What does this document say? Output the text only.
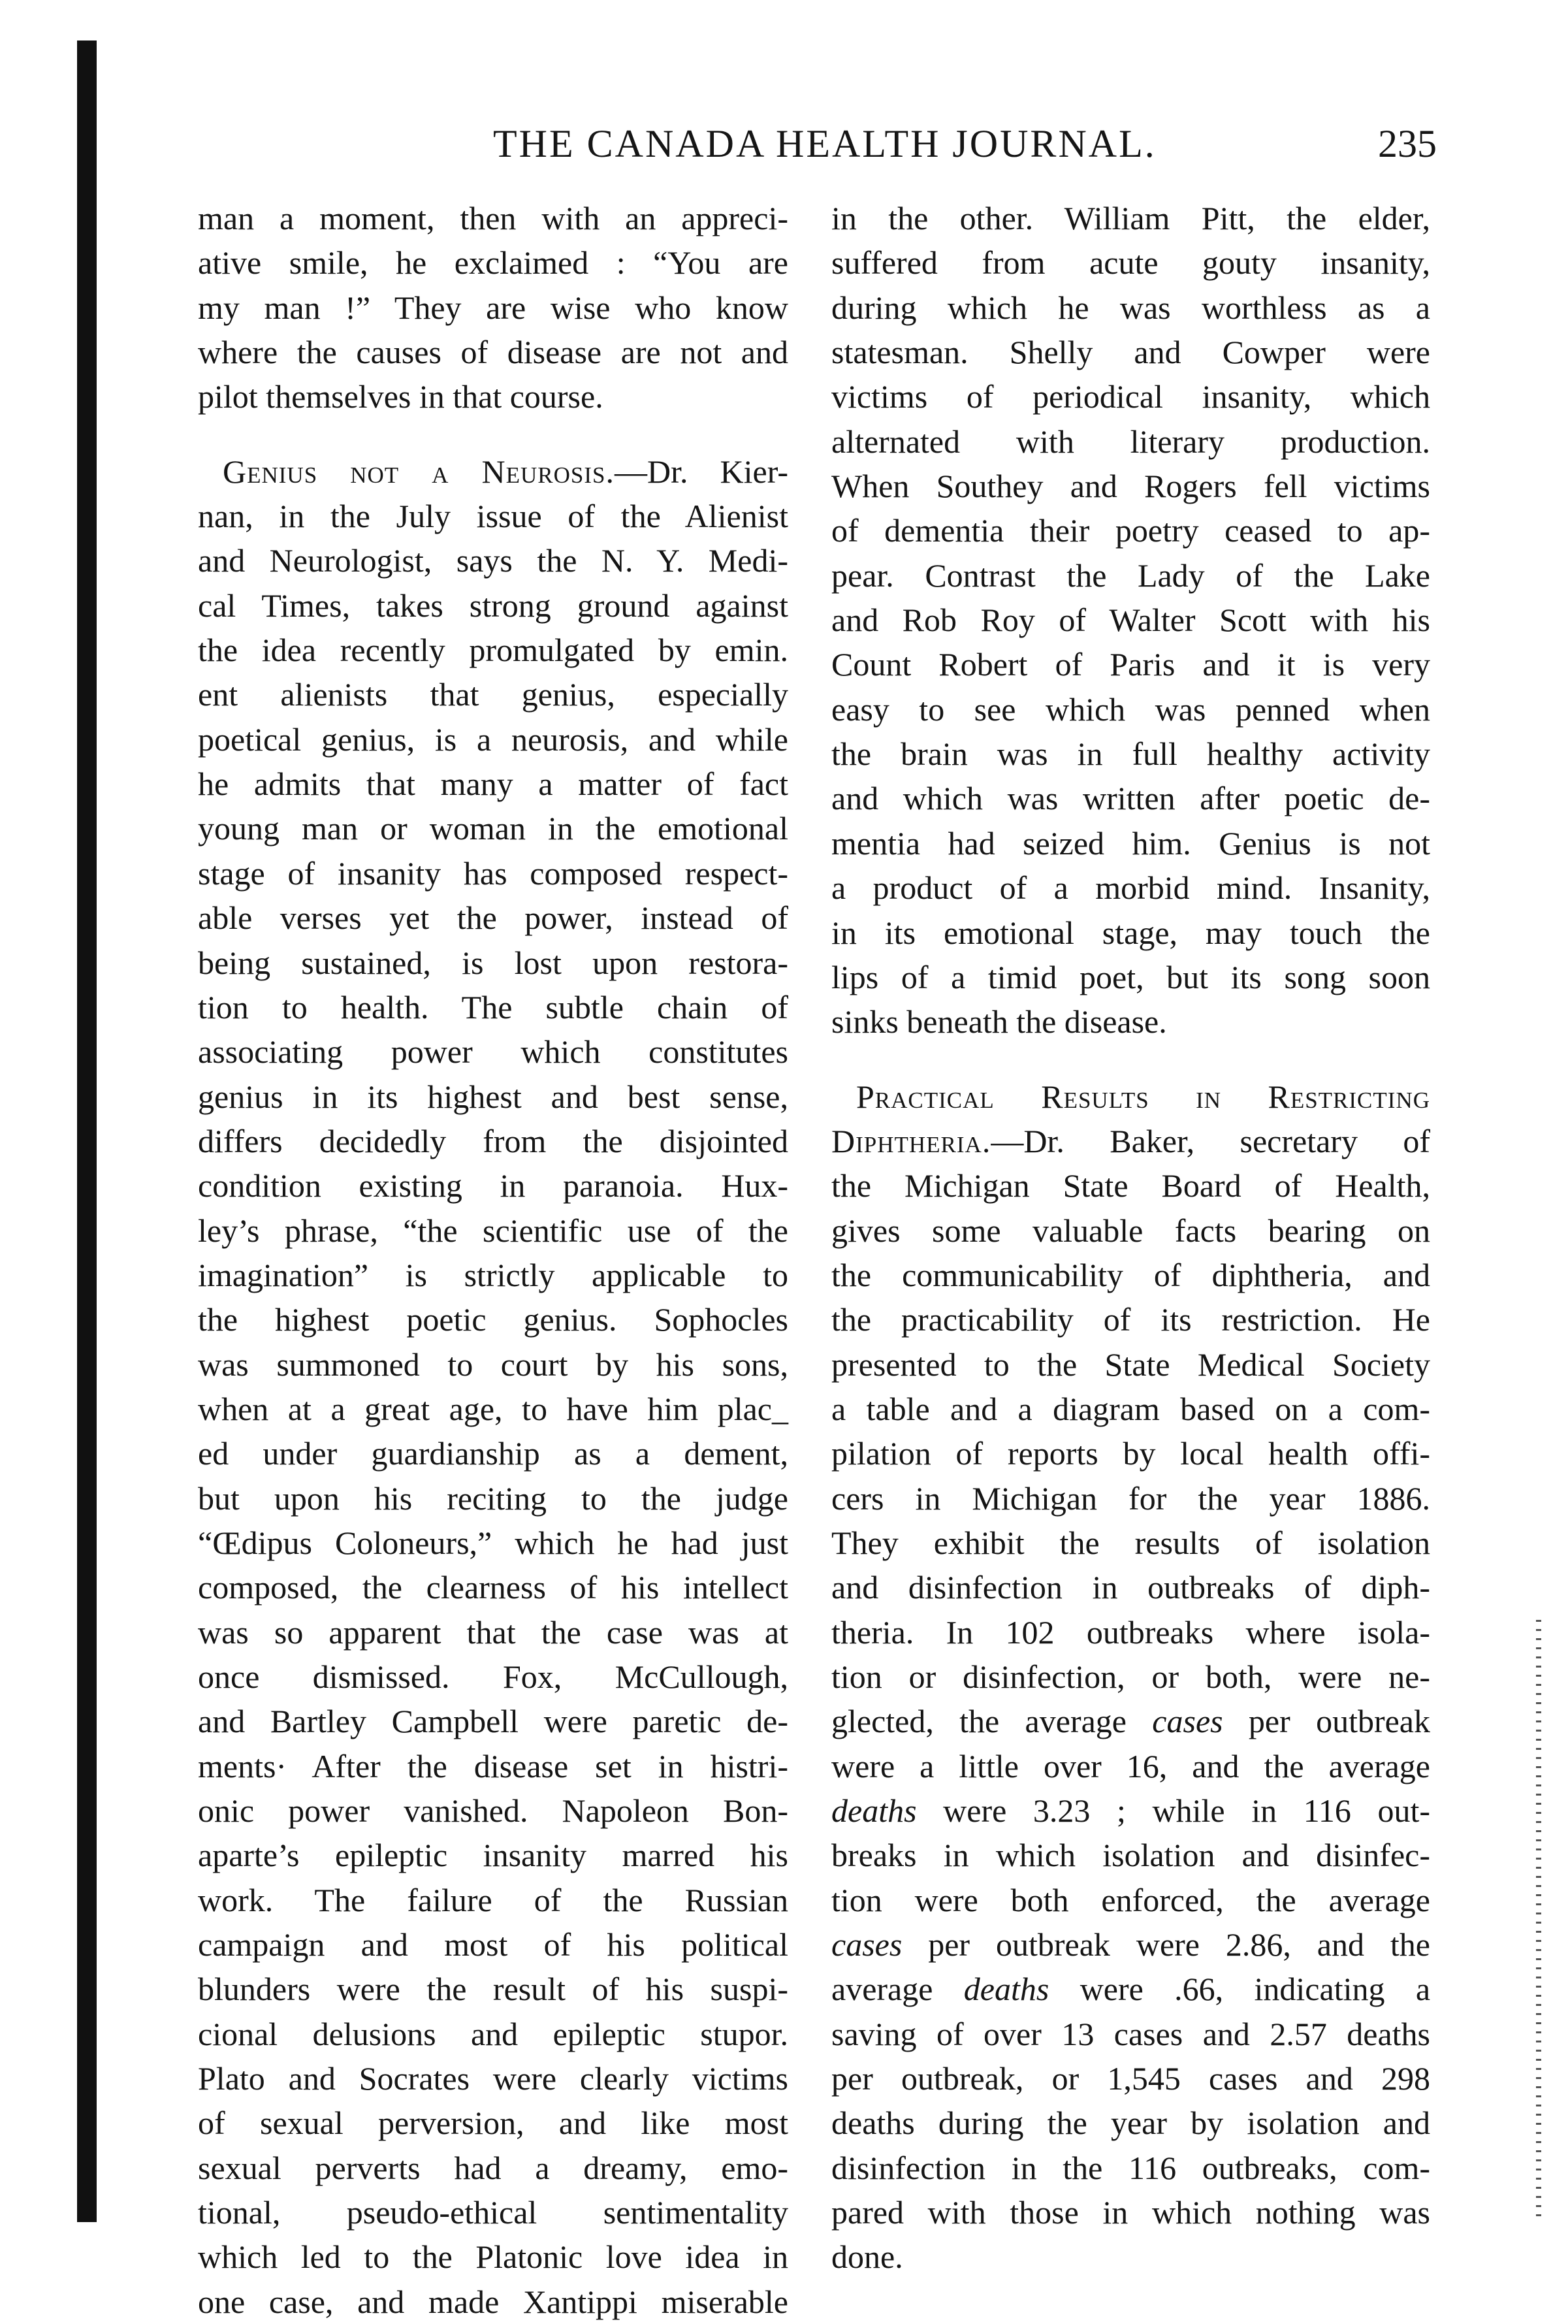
THE CANADA HEALTH JOURNAL.	235

man a moment, then with an appreci-

ative smile, he exclaimed : “You are

my man !” They are wise who know

where the causes of disease are not and

pilot themselves in that course.

Genius not a Neurosis.—Dr. Kier-

nan, in the July issue of the Alienist

and Neurologist, says the N. Y. Medi-

cal Times, takes strong ground against

the idea recently promulgated by emin.

ent alienists that genius, especially

poetical genius, is a neurosis, and while

he admits that many a matter of fact

young man or woman in the emotional

stage of insanity has composed respect-

able verses yet the power, instead of

being sustained, is lost upon restora-

tion to health. The subtle chain of

associating power which constitutes

genius in its highest and best sense,

differs decidedly from the disjointed

condition existing in paranoia. Hux-

ley’s phrase, “the scientific use of the

imagination” is strictly applicable to

the highest poetic genius. Sophocles

was summoned to court by his sons,

when at a great age, to have him plac_

ed under guardianship as a dement,

but upon his reciting to the judge

“Œdipus Coloneurs,” which he had just

composed, the clearness of his intellect

was so apparent that the case was at

once dismissed. Fox, McCullough,

and Bartley Campbell were paretic de-

ments· After the disease set in histri-

onic power vanished. Napoleon Bon-

aparte’s epileptic insanity marred his

work. The failure of the Russian

campaign and most of his political

blunders were the result of his suspi-

cional delusions and epileptic stupor.

Plato and Socrates were clearly victims

of sexual perversion, and like most

sexual perverts had a dreamy, emo-

tional, pseudo-ethical sentimentality

which led to the Platonic love idea in

one case, and made Xantippi miserable

in the other. William Pitt, the elder,

suffered from acute gouty insanity,

during which he was worthless as a

statesman. Shelly and Cowper were

victims of periodical insanity, which

alternated with literary production.

When Southey and Rogers fell victims

of dementia their poetry ceased to ap-

pear. Contrast the Lady of the Lake

and Rob Roy of Walter Scott with his

Count Robert of Paris and it is very

easy to see which was penned when

the brain was in full healthy activity

and which was written after poetic de-

mentia had seized him. Genius is not

a product of a morbid mind. Insanity,

in its emotional stage, may touch the

lips of a timid poet, but its song soon

sinks beneath the disease.

Practical Results in Restricting

Diphtheria.—Dr. Baker, secretary of

the Michigan State Board of Health,

gives some valuable facts bearing on

the communicability of diphtheria, and

the practicability of its restriction. He

presented to the State Medical Society

a table and a diagram based on a com-

pilation of reports by local health offi-

cers in Michigan for the year 1886.

They exhibit the results of isolation

and disinfection in outbreaks of diph-

theria. In 102 outbreaks where isola-

tion or disinfection, or both, were ne-

glected, the average cases per outbreak

were a little over 16, and the average

deaths were 3.23 ; while in 116 out-

breaks in which isolation and disinfec-

tion were both enforced, the average

cases per outbreak were 2.86, and the

average deaths were .66, indicating a

saving of over 13 cases and 2.57 deaths

per outbreak, or 1,545 cases and 298

deaths during the year by isolation and

disinfection in the 116 outbreaks, com-

pared with those in which nothing was

done.
